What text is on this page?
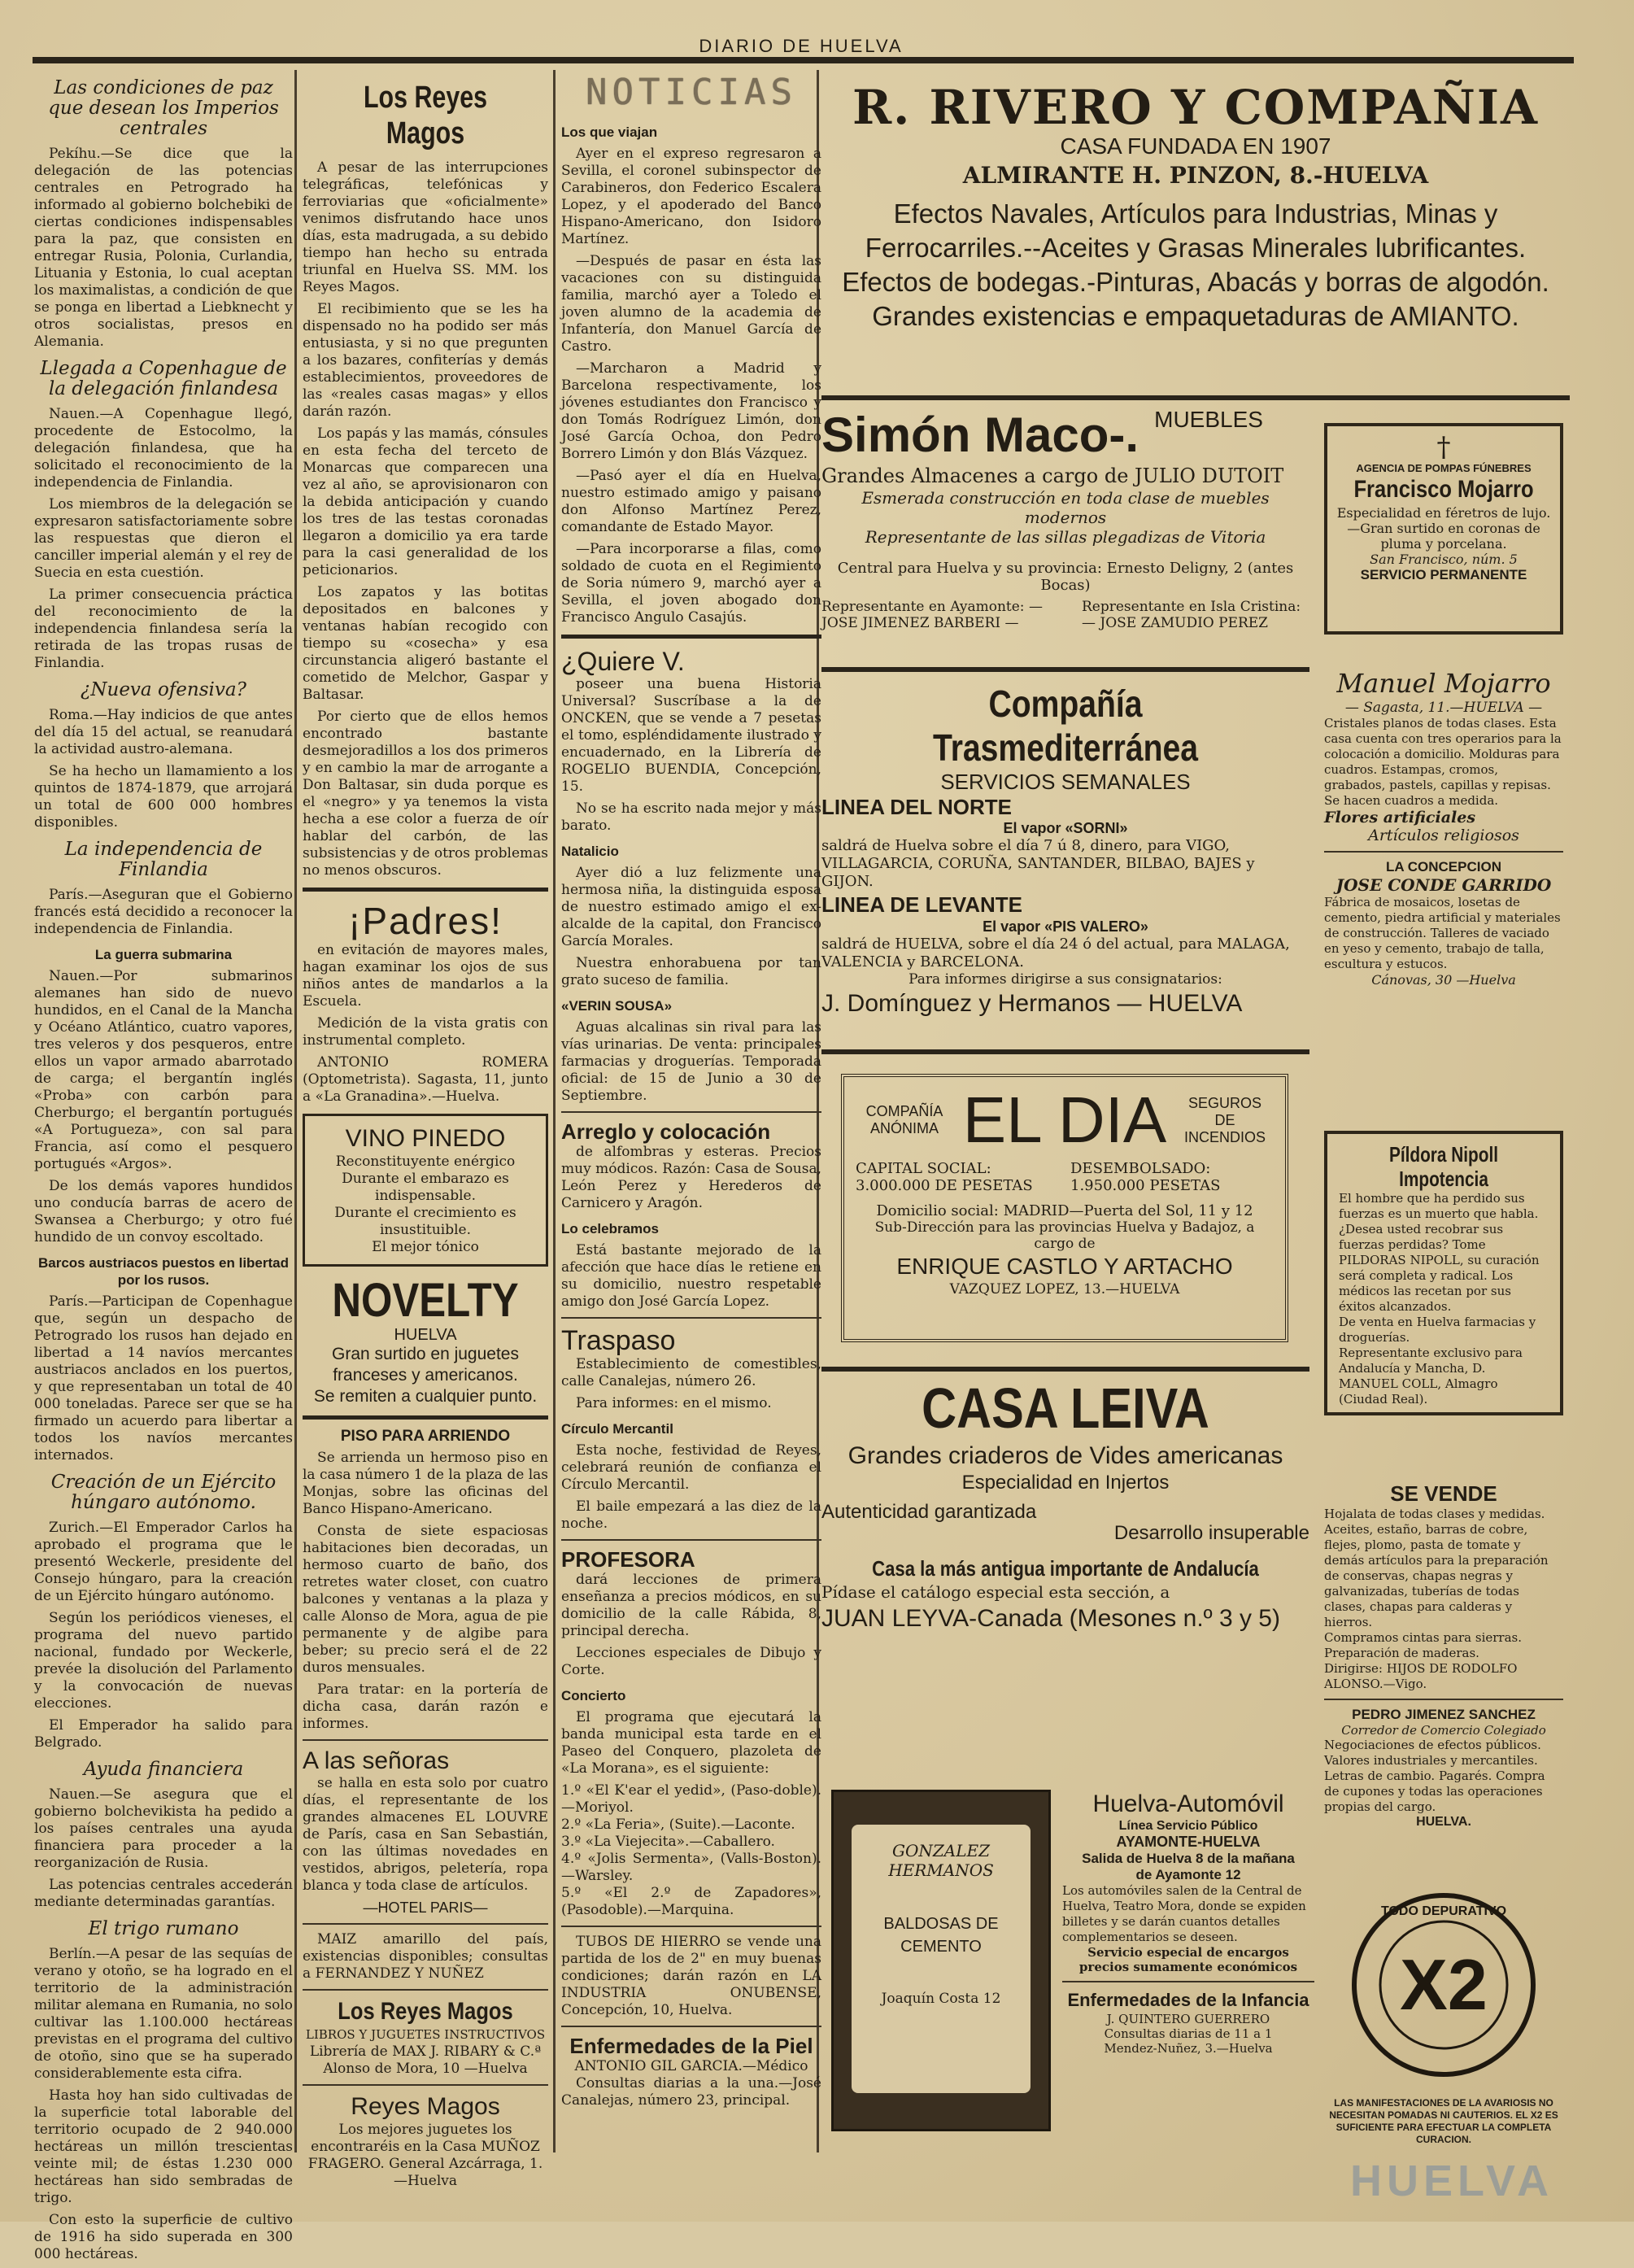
DIARIO DE HUELVA
Las condiciones de paz que desean los Imperios centrales

Pekíhu.—Se dice que la delegación de las potencias centrales en Petrogrado ha informado al gobierno bolchebiki de ciertas condiciones indispensables para la paz, que consisten en entregar Rusia, Polonia, Curlandia, Lituania y Estonia, lo cual aceptan los maximalistas, a condición de que se ponga en libertad a Liebknecht y otros socialistas, presos en Alemania.

Llegada a Copenhague de la delegación finlandesa

Nauen.—A Copenhague llegó, procedente de Estocolmo, la delegación finlandesa, que ha solicitado el reconocimiento de la independencia de Finlandia.

Los miembros de la delegación se expresaron satisfactoriamente sobre las respuestas que dieron el canciller imperial alemán y el rey de Suecia en esta cuestión.

La primer consecuencia práctica del reconocimiento de la independencia finlandesa sería la retirada de las tropas rusas de Finlandia.

¿Nueva ofensiva?

Roma.—Hay indicios de que antes del día 15 del actual, se reanudará la actividad austro-alemana.

Se ha hecho un llamamiento a los quintos de 1874-1879, que arrojará un total de 600 000 hombres disponibles.

La independencia de Finlandia

París.—Aseguran que el Gobierno francés está decidido a reconocer la independencia de Finlandia.

La guerra submarina

Nauen.—Por submarinos alemanes han sido de nuevo hundidos, en el Canal de la Mancha y Océano Atlántico, cuatro vapores, tres veleros y dos pesqueros, entre ellos un vapor armado abarrotado de carga; el bergantín inglés «Proba» con carbón para Cherburgo; el bergantín portugués «A Portugueza», con sal para Francia, así como el pesquero portugués «Argos».

De los demás vapores hundidos uno conducía barras de acero de Swansea a Cherburgo; y otro fué hundido de un convoy escoltado.

Barcos austriacos puestos en libertad por los rusos.

París.—Participan de Copenhague que, según un despacho de Petrogrado los rusos han dejado en libertad a 14 navíos mercantes austriacos anclados en los puertos, y que representaban un total de 40 000 toneladas. Parece ser que se ha firmado un acuerdo para libertar a todos los navíos mercantes internados.

Creación de un Ejército húngaro autónomo.

Zurich.—El Emperador Carlos ha aprobado el programa que le presentó Weckerle, presidente del Consejo húngaro, para la creación de un Ejército húngaro autónomo.

Según los periódicos vieneses, el programa del nuevo partido nacional, fundado por Weckerle, prevée la disolución del Parlamento y la convocación de nuevas elecciones.

El Emperador ha salido para Belgrado.

Ayuda financiera

Nauen.—Se asegura que el gobierno bolchevikista ha pedido a los países centrales una ayuda financiera para proceder a la reorganización de Rusia.

Las potencias centrales accederán mediante determinadas garantías.

El trigo rumano

Berlín.—A pesar de las sequías de verano y otoño, se ha logrado en el territorio de la administración militar alemana en Rumania, no solo cultivar las 1.100.000 hectáreas previstas en el programa del cultivo de otoño, sino que se ha superado considerablemente esta cifra.

Hasta hoy han sido cultivadas de la superficie total laborable del territorio ocupado de 2 940.000 hectáreas un millón trescientas veinte mil; de éstas 1.230 000 hectáreas han sido sembradas de trigo.

Con esto la superficie de cultivo de 1916 ha sido superada en 300 000 hectáreas.

Los Reyes Magos

A pesar de las interrupciones telegráficas, telefónicas y ferroviarias que «oficialmente» venimos disfrutando hace unos días, esta madrugada, a su debido tiempo han hecho su entrada triunfal en Huelva SS. MM. los Reyes Magos.

El recibimiento que se les ha dispensado no ha podido ser más entusiasta, y si no que pregunten a los bazares, confiterías y demás establecimientos, proveedores de las «reales casas magas» y ellos darán razón.

Los papás y las mamás, cónsules en esta fecha del terceto de Monarcas que comparecen una vez al año, se aprovisionaron con la debida anticipación y cuando los tres de las testas coronadas llegaron a domicilio ya era tarde para la casi generalidad de los peticionarios.

Los zapatos y las botitas depositados en balcones y ventanas habían recogido con tiempo su «cosecha» y esa circunstancia aligeró bastante el cometido de Melchor, Gaspar y Baltasar.

Por cierto que de ellos hemos encontrado bastante desmejoradillos a los dos primeros y en cambio la mar de arrogante a Don Baltasar, sin duda porque es el «negro» y ya tenemos la vista hecha a ese color a fuerza de oír hablar del carbón, de las subsistencias y de otros problemas no menos obscuros.

¡Padres!

en evitación de mayores males, hagan examinar los ojos de sus niños antes de mandarlos a la Escuela.

Medición de la vista gratis con instrumental completo.

ANTONIO ROMERA (Optometrista). Sagasta, 11, junto a «La Granadina».—Huelva.

VINO PINEDO
Reconstituyente enérgico
Durante el embarazo es indispensable.
Durante el crecimiento es insustituible.
El mejor tónico
NOVELTY
HUELVA
Gran surtido en juguetes franceses y americanos.
Se remiten a cualquier punto.
PISO PARA ARRIENDO

Se arrienda un hermoso piso en la casa número 1 de la plaza de las Monjas, sobre las oficinas del Banco Hispano-Americano.

Consta de siete espaciosas habitaciones bien decoradas, un hermoso cuarto de baño, dos retretes water closet, con cuatro balcones y ventanas a la plaza y calle Alonso de Mora, agua de pie permanente y de algibe para beber; su precio será el de 22 duros mensuales.

Para tratar: en la portería de dicha casa, darán razón e informes.

A las señoras

se halla en esta solo por cuatro días, el representante de los grandes almacenes EL LOUVRE de París, casa en San Sebastián, con las últimas novedades en vestidos, abrigos, peletería, ropa blanca y toda clase de artículos.

—HOTEL PARIS—

MAIZ amarillo del país, existencias disponibles; consultas a FERNANDEZ Y NUÑEZ

Los Reyes Magos
LIBROS Y JUGUETES INSTRUCTIVOS
Librería de MAX J. RIBARY & C.ª Alonso de Mora, 10 —Huelva
Reyes Magos
Los mejores juguetes los encontraréis en la Casa MUÑOZ FRAGERO. General Azcárraga, 1.—Huelva
NOTICIAS
Los que viajan

Ayer en el expreso regresaron a Sevilla, el coronel subinspector de Carabineros, don Federico Escalera Lopez, y el apoderado del Banco Hispano-Americano, don Isidoro Martínez.

—Después de pasar en ésta las vacaciones con su distinguida familia, marchó ayer a Toledo el joven alumno de la academia de Infantería, don Manuel García de Castro.

—Marcharon a Madrid y Barcelona respectivamente, los jóvenes estudiantes don Francisco y don Tomás Rodríguez Limón, don José García Ochoa, don Pedro Borrero Limón y don Blás Vázquez.

—Pasó ayer el día en Huelva, nuestro estimado amigo y paisano don Alfonso Martínez Perez, comandante de Estado Mayor.

—Para incorporarse a filas, como soldado de cuota en el Regimiento de Soria número 9, marchó ayer a Sevilla, el joven abogado don Francisco Angulo Casajús.

¿Quiere V.

poseer una buena Historia Universal? Suscríbase a la de ONCKEN, que se vende a 7 pesetas el tomo, espléndidamente ilustrado y encuadernado, en la Librería de ROGELIO BUENDIA, Concepción, 15.

No se ha escrito nada mejor y más barato.

Natalicio

Ayer dió a luz felizmente una hermosa niña, la distinguida esposa de nuestro estimado amigo el ex-alcalde de la capital, don Francisco García Morales.

Nuestra enhorabuena por tan grato suceso de familia.

«VERIN SOUSA»

Aguas alcalinas sin rival para las vías urinarias. De venta: principales farmacias y droguerías. Temporada oficial: de 15 de Junio a 30 de Septiembre.

Arreglo y colocación

de alfombras y esteras. Precios muy módicos. Razón: Casa de Sousa, León Perez y Herederos de Carnicero y Aragón.

Lo celebramos

Está bastante mejorado de la afección que hace días le retiene en su domicilio, nuestro respetable amigo don José García Lopez.

Traspaso

Establecimiento de comestibles, calle Canalejas, número 26.

Para informes: en el mismo.

Círculo Mercantil

Esta noche, festividad de Reyes, celebrará reunión de confianza el Círculo Mercantil.

El baile empezará a las diez de la noche.

PROFESORA

dará lecciones de primera enseñanza a precios módicos, en su domicilio de la calle Rábida, 8, principal derecha.

Lecciones especiales de Dibujo y Corte.

Concierto

El programa que ejecutará la banda municipal esta tarde en el Paseo del Conquero, plazoleta de «La Morana», es el siguiente:

1.º «El K'ear el yedid», (Paso-doble).—Moriyol.
2.º «La Feria», (Suite).—Laconte.
3.º «La Viejecita».—Caballero.
4.º «Jolis Sermenta», (Valls-Boston).—Warsley.
5.º «El 2.º de Zapadores», (Pasodoble).—Marquina.

TUBOS DE HIERRO se vende una partida de los de 2" en muy buenas condiciones; darán razón en LA INDUSTRIA ONUBENSE, Concepción, 10, Huelva.

Enfermedades de la Piel
ANTONIO GIL GARCIA.—Médico

Consultas diarias a la una.—José Canalejas, número 23, principal.

R. RIVERO Y COMPAÑIA
CASA FUNDADA EN 1907
ALMIRANTE H. PINZON, 8.-HUELVA
Efectos Navales, Artículos para Industrias, Minas y Ferrocarriles.--Aceites y Grasas Minerales lubrificantes.
Efectos de bodegas.-Pinturas, Abacás y borras de algodón.
Grandes existencias e empaquetaduras de AMIANTO.
Simón Maco-. MUEBLES
Grandes Almacenes a cargo de JULIO DUTOIT
Esmerada construcción en toda clase de muebles modernos
Representante de las sillas plegadizas de Vitoria
Central para Huelva y su provincia: Ernesto Deligny, 2 (antes Bocas)
Representante en Ayamonte: — JOSE JIMENEZ BARBERI —
Representante en Isla Cristina: — JOSE ZAMUDIO PEREZ
†
AGENCIA DE POMPAS FÚNEBRES
Francisco Mojarro
Especialidad en féretros de lujo.—Gran surtido en coronas de pluma y porcelana.
San Francisco, núm. 5
SERVICIO PERMANENTE
Compañía Trasmediterránea
SERVICIOS SEMANALES
LINEA DEL NORTE
El vapor «SORNI»
saldrá de Huelva sobre el día 7 ú 8, dinero, para VIGO, VILLAGARCIA, CORUÑA, SANTANDER, BILBAO, BAJES y GIJON.
LINEA DE LEVANTE
El vapor «PIS VALERO»
saldrá de HUELVA, sobre el día 24 ó del actual, para MALAGA, VALENCIA y BARCELONA.
Para informes dirigirse a sus consignatarios:
J. Domínguez y Hermanos — HUELVA
Manuel Mojarro
— Sagasta, 11.—HUELVA —
Cristales planos de todas clases. Esta casa cuenta con tres operarios para la colocación a domicilio. Molduras para cuadros. Estampas, cromos, grabados, pastels, capillas y repisas. Se hacen cuadros a medida.
Flores artificiales
Artículos religiosos
LA CONCEPCION
JOSE CONDE GARRIDO
Fábrica de mosaicos, losetas de cemento, piedra artificial y materiales de construcción. Talleres de vaciado en yeso y cemento, trabajo de talla, escultura y estucos.
Cánovas, 30 —Huelva
COMPAÑÍA ANÓNIMA EL DIA	SEGUROS DE INCENDIOS
CAPITAL SOCIAL: 3.000.000 DE PESETAS
DESEMBOLSADO: 1.950.000 PESETAS
Domicilio social: MADRID—Puerta del Sol, 11 y 12
Sub-Dirección para las provincias Huelva y Badajoz, a cargo de
ENRIQUE CASTLO Y ARTACHO
VAZQUEZ LOPEZ, 13.—HUELVA
Píldora Nipoll Impotencia
El hombre que ha perdido sus fuerzas es un muerto que habla. ¿Desea usted recobrar sus fuerzas perdidas? Tome PILDORAS NIPOLL, su curación será completa y radical. Los médicos las recetan por sus éxitos alcanzados.
De venta en Huelva farmacias y droguerías.
Representante exclusivo para Andalucía y Mancha, D. MANUEL COLL, Almagro (Ciudad Real).
CASA LEIVA
Grandes criaderos de Vides americanas
Especialidad en Injertos
Autenticidad garantizada
Desarrollo insuperable
Casa la más antigua importante de Andalucía
Pídase el catálogo especial esta sección, a
JUAN LEYVA-Canada (Mesones n.º 3 y 5)
SE VENDE
Hojalata de todas clases y medidas. Aceites, estaño, barras de cobre, flejes, plomo, pasta de tomate y demás artículos para la preparación de conservas, chapas negras y galvanizadas, tuberías de todas clases, chapas para calderas y hierros.
Compramos cintas para sierras. Preparación de maderas.
Dirigirse: HIJOS DE RODOLFO ALONSO.—Vigo.
PEDRO JIMENEZ SANCHEZ
Corredor de Comercio Colegiado
Negociaciones de efectos públicos. Valores industriales y mercantiles. Letras de cambio. Pagarés. Compra de cupones y todas las operaciones propias del cargo.
HUELVA.
GONZALEZ HERMANOS
BALDOSAS DE CEMENTO
Joaquín Costa 12
Huelva-Automóvil
Línea Servicio Público
AYAMONTE-HUELVA
Salida de Huelva 8 de la mañana
de Ayamonte 12
Los automóviles salen de la Central de Huelva, Teatro Mora, donde se expiden billetes y se darán cuantos detalles complementarios se deseen.
Servicio especial de encargos precios sumamente económicos
Enfermedades de la Infancia
J. QUINTERO GUERRERO
Consultas diarias de 11 a 1
Mendez-Nuñez, 3.—Huelva
X2
TODO DEPURATIVO
LAS MANIFESTACIONES DE LA AVARIOSIS NO NECESITAN POMADAS NI CAUTERIOS. EL X2 ES SUFICIENTE PARA EFECTUAR LA COMPLETA CURACION.
HUELVA
